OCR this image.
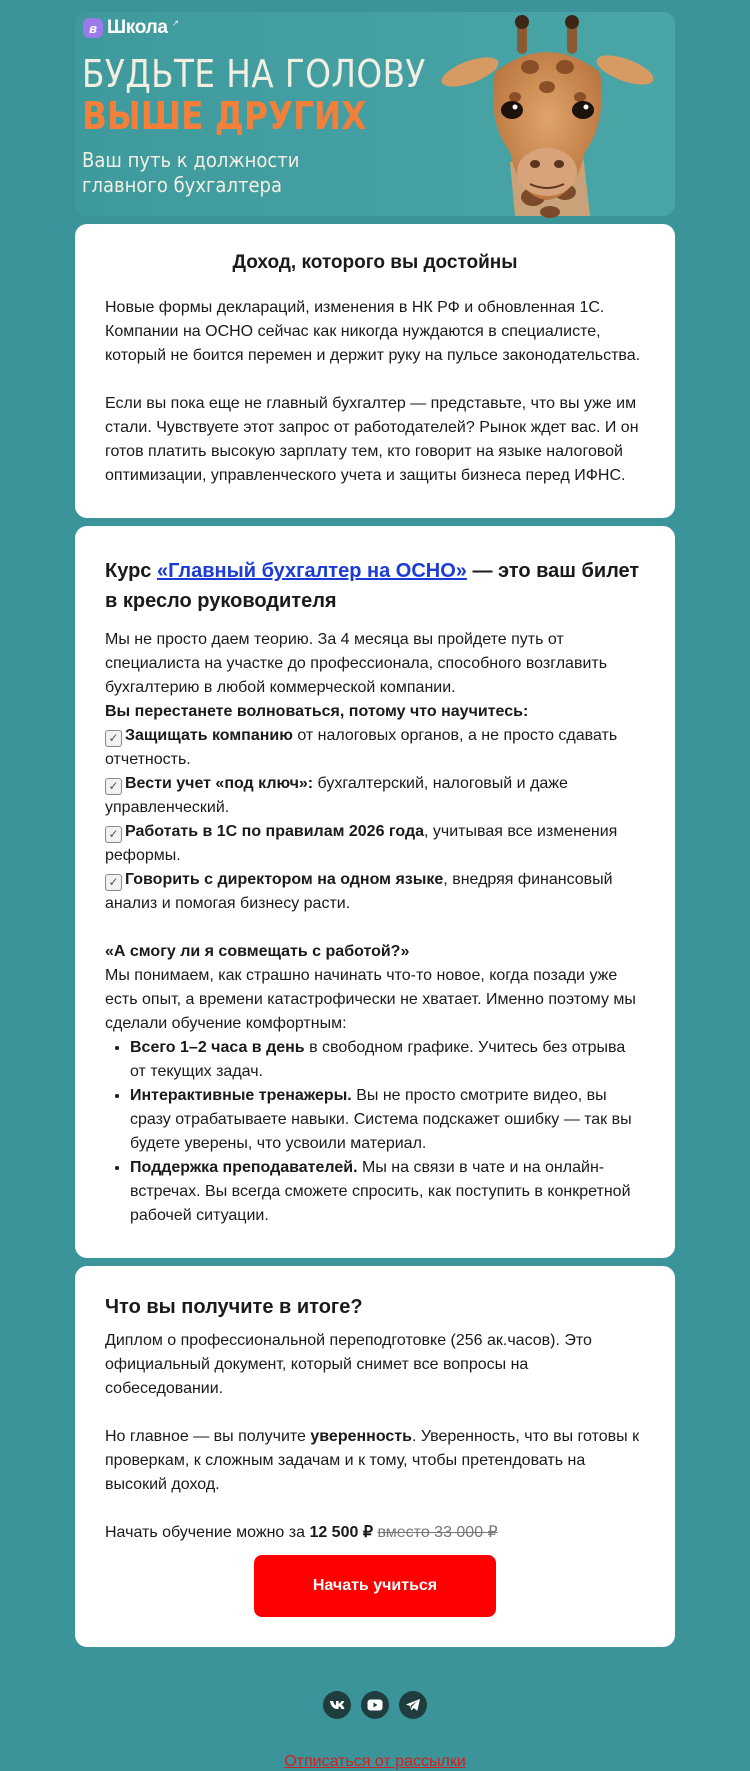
в Школа ↗
БУДЬТЕ НА ГОЛОВУ
ВЫШЕ ДРУГИХ
Ваш путь к должности
главного бухгалтера
Доход, которого вы достойны

Новые формы деклараций, изменения в НК РФ и обновленная 1С. Компании на ОСНО сейчас как никогда нуждаются в специалисте, который не боится перемен и держит руку на пульсе законодательства.

Если вы пока еще не главный бухгалтер — представьте, что вы уже им стали. Чувствуете этот запрос от работодателей? Рынок ждет вас. И он готов платить высокую зарплату тем, кто говорит на языке налоговой оптимизации, управленческого учета и защиты бизнеса перед ИФНС.

Курс «Главный бухгалтер на ОСНО» — это ваш билет в кресло руководителя

Мы не просто даем теорию. За 4 месяца вы пройдете путь от специалиста на участке до профессионала, способного возглавить бухгалтерию в любой коммерческой компании.

Вы перестанете волноваться, потому что научитесь:

✓ Защищать компанию от налоговых органов, а не просто сдавать отчетность.

✓ Вести учет «под ключ»: бухгалтерский, налоговый и даже управленческий.

✓ Работать в 1С по правилам 2026 года, учитывая все изменения реформы.

✓ Говорить с директором на одном языке, внедряя финансовый анализ и помогая бизнесу расти.

«А смогу ли я совмещать с работой?»

Мы понимаем, как страшно начинать что-то новое, когда позади уже есть опыт, а времени катастрофически не хватает. Именно поэтому мы сделали обучение комфортным:

• Всего 1–2 часа в день в свободном графике. Учитесь без отрыва от текущих задач.
• Интерактивные тренажеры. Вы не просто смотрите видео, вы сразу отрабатываете навыки. Система подскажет ошибку — так вы будете уверены, что усвоили материал.
• Поддержка преподавателей. Мы на связи в чате и на онлайн-встречах. Вы всегда сможете спросить, как поступить в конкретной рабочей ситуации.
Что вы получите в итоге?

Диплом о профессиональной переподготовке (256 ак.часов). Это официальный документ, который снимет все вопросы на собеседовании.

Но главное — вы получите уверенность. Уверенность, что вы готовы к проверкам, к сложным задачам и к тому, чтобы претендовать на высокий доход.

Начать обучение можно за 12 500 ₽ вместо 33 000 ₽

Начать учиться
Отписаться от рассылки
